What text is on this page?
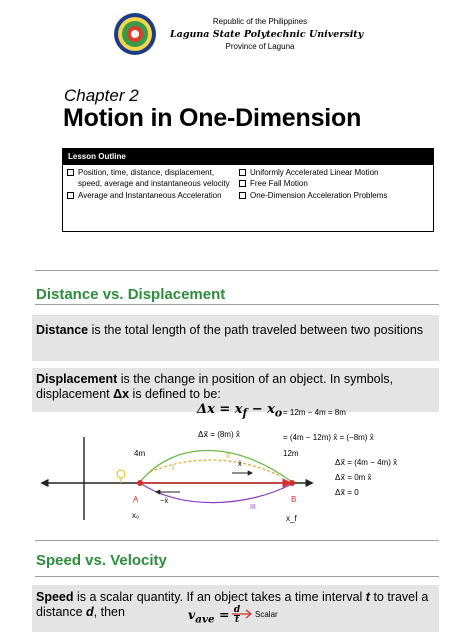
Republic of the Philippines
Laguna State Polytechnic University
Province of Laguna
Chapter 2
Motion in One-Dimension
Lesson Outline
Position, time, distance, displacement, speed, average and instantaneous velocity
Average and Instantaneous Acceleration
Uniformly Accelerated Linear Motion
Free Fall Motion
One-Dimension Acceleration Problems
Distance vs. Displacement
Distance is the total length of the path traveled between two positions
Displacement is the change in position of an object. In symbols, displacement Δx is defined to be:
$\Delta x = x_f - x_o$
4m	12m
A	B
x₀	x_f
−x̂
x̂
I
II
III
= 12m − 4m = 8m
Δx⃗ = (8m) x̂	= (4m − 12m) x̂ = (−8m) x̂
Δx⃗ = (4m − 4m) x̂
Δx⃗ = 0m x̂
Δx⃗ = 0
Speed vs. Velocity
Speed is a scalar quantity. If an object takes a time interval t to travel a distance d, then	$v_{ave} = \frac{d}{t}$ Scalar
